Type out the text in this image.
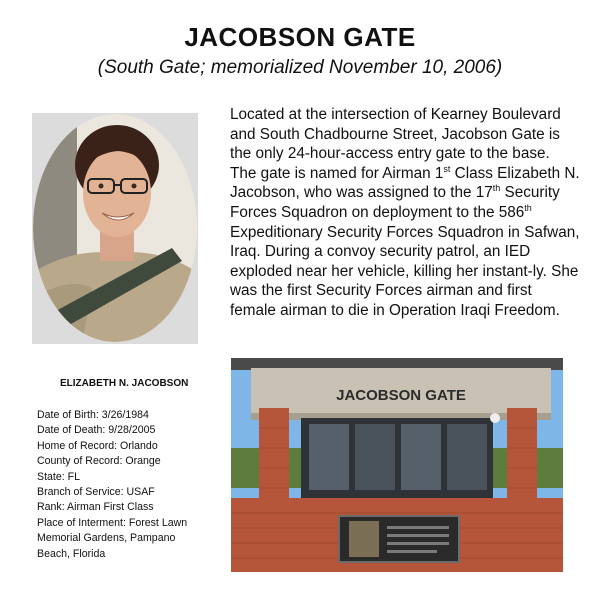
JACOBSON GATE
(South Gate; memorialized November 10, 2006)
Located at the intersection of Kearney Boulevard and South Chadbourne Street, Jacobson Gate is the only 24-hour-access entry gate to the base. The gate is named for Airman 1st Class Elizabeth N. Jacobson, who was assigned to the 17th Security Forces Squadron on deployment to the 586th Expeditionary Security Forces Squadron in Safwan, Iraq. During a convoy security patrol, an IED exploded near her vehicle, killing her instant-ly. She was the first Security Forces airman and first female airman to die in Operation Iraqi Freedom.
ELIZABETH N. JACOBSON
Date of Birth: 3/26/1984
Date of Death: 9/28/2005
Home of Record: Orlando
County of Record: Orange
State: FL
Branch of Service: USAF
Rank: Airman First Class
Place of Interment: Forest Lawn
Memorial Gardens, Pampano
Beach, Florida
JACOBSON GATE
